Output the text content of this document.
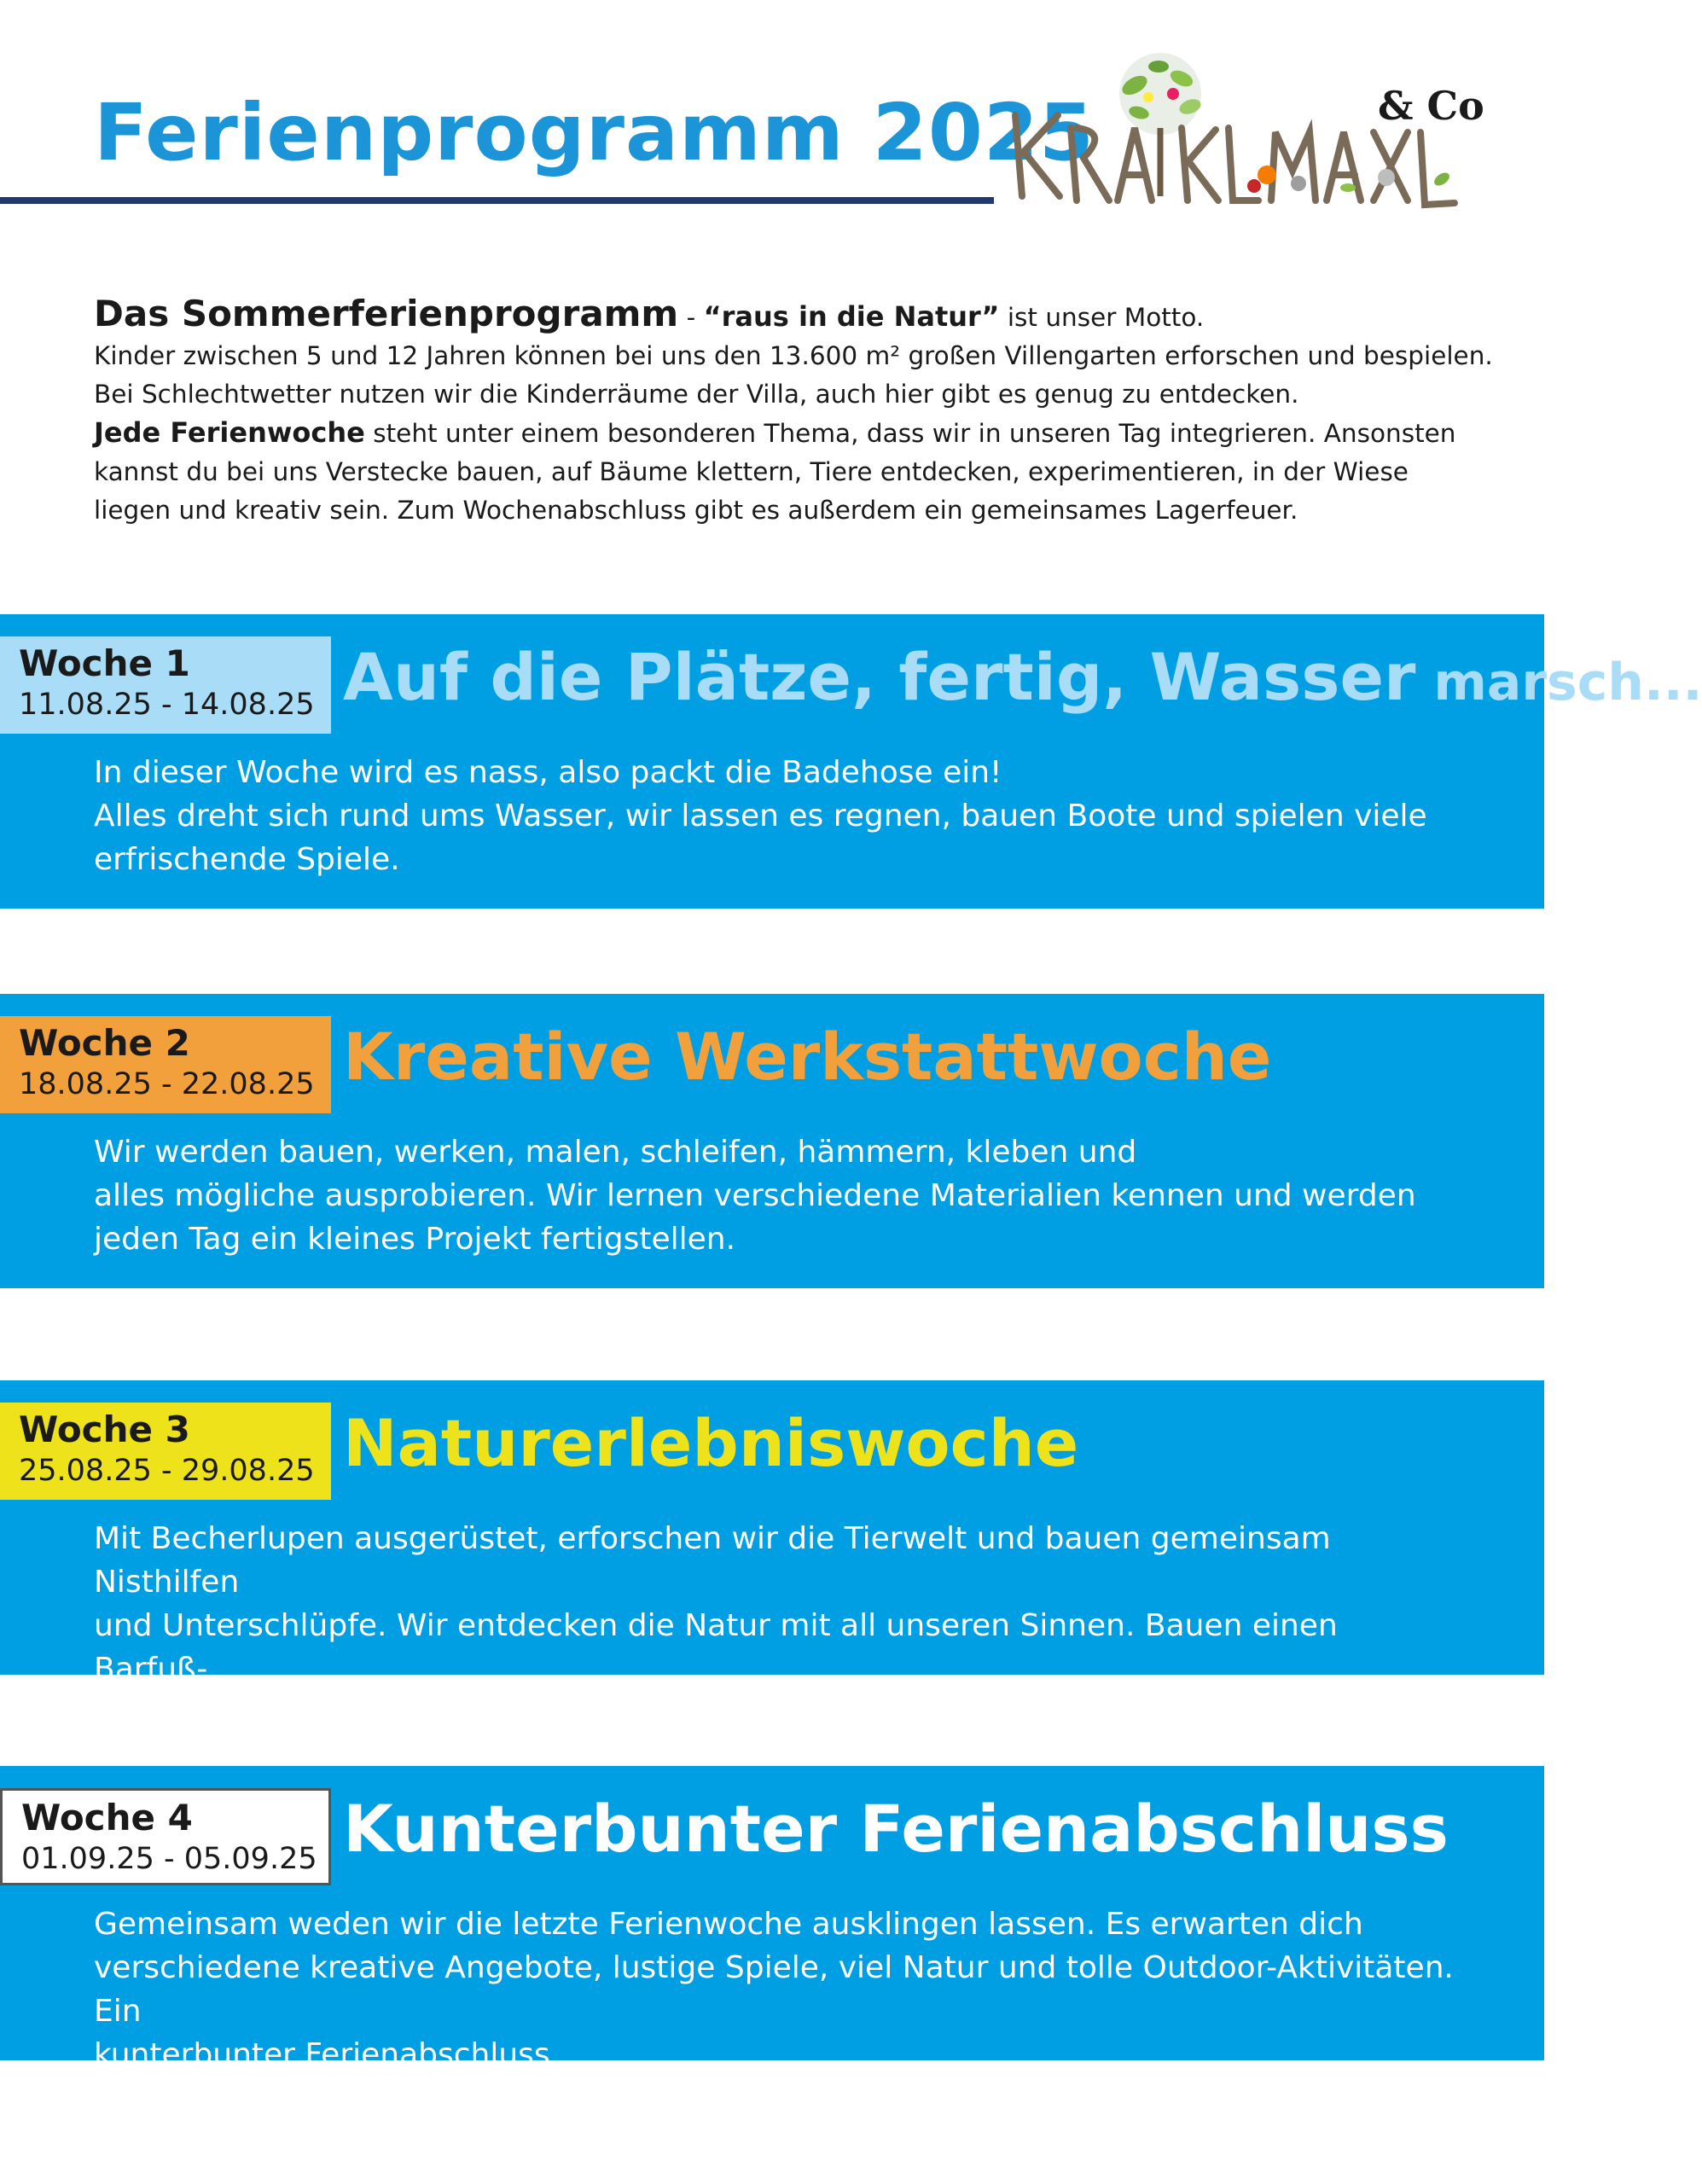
Ferienprogramm 2025	& Co

Das Sommerferienprogramm - “raus in die Natur” ist unser Motto.

Kinder zwischen 5 und 12 Jahren können bei uns den 13.600 m² großen Villengarten erforschen und bespielen. Bei Schlechtwetter nutzen wir die Kinderräume der Villa, auch hier gibt es genug zu entdecken.

Jede Ferienwoche steht unter einem besonderen Thema, dass wir in unseren Tag integrieren. Ansonsten kannst du bei uns Verstecke bauen, auf Bäume klettern, Tiere entdecken, experimentieren, in der Wiese liegen und kreativ sein. Zum Wochenabschluss gibt es außerdem ein gemeinsames Lagerfeuer.

Woche 1
11.08.25 - 14.08.25 Auf die Plätze, fertig, Wasser marsch...

In dieser Woche wird es nass, also packt die Badehose ein!
Alles dreht sich rund ums Wasser, wir lassen es regnen, bauen Boote und spielen viele
erfrischende Spiele.

Woche 2
18.08.25 - 22.08.25 Kreative Werkstattwoche

Wir werden bauen, werken, malen, schleifen, hämmern, kleben und
alles mögliche ausprobieren. Wir lernen verschiedene Materialien kennen und werden
jeden Tag ein kleines Projekt fertigstellen.

Woche 3
25.08.25 - 29.08.25 Naturerlebniswoche

Mit Becherlupen ausgerüstet, erforschen wir die Tierwelt und bauen gemeinsam Nisthilfen
und Unterschlüpfe. Wir entdecken die Natur mit all unseren Sinnen. Bauen einen Barfuß-
weg, legen uns in die Wiese und erforschen das Bodenleben im Wald.

Woche 4
01.09.25 - 05.09.25 Kunterbunter Ferienabschluss

Gemeinsam weden wir die letzte Ferienwoche ausklingen lassen. Es erwarten dich
verschiedene kreative Angebote, lustige Spiele, viel Natur und tolle Outdoor-Aktivitäten. Ein
kunterbunter Ferienabschluss.
